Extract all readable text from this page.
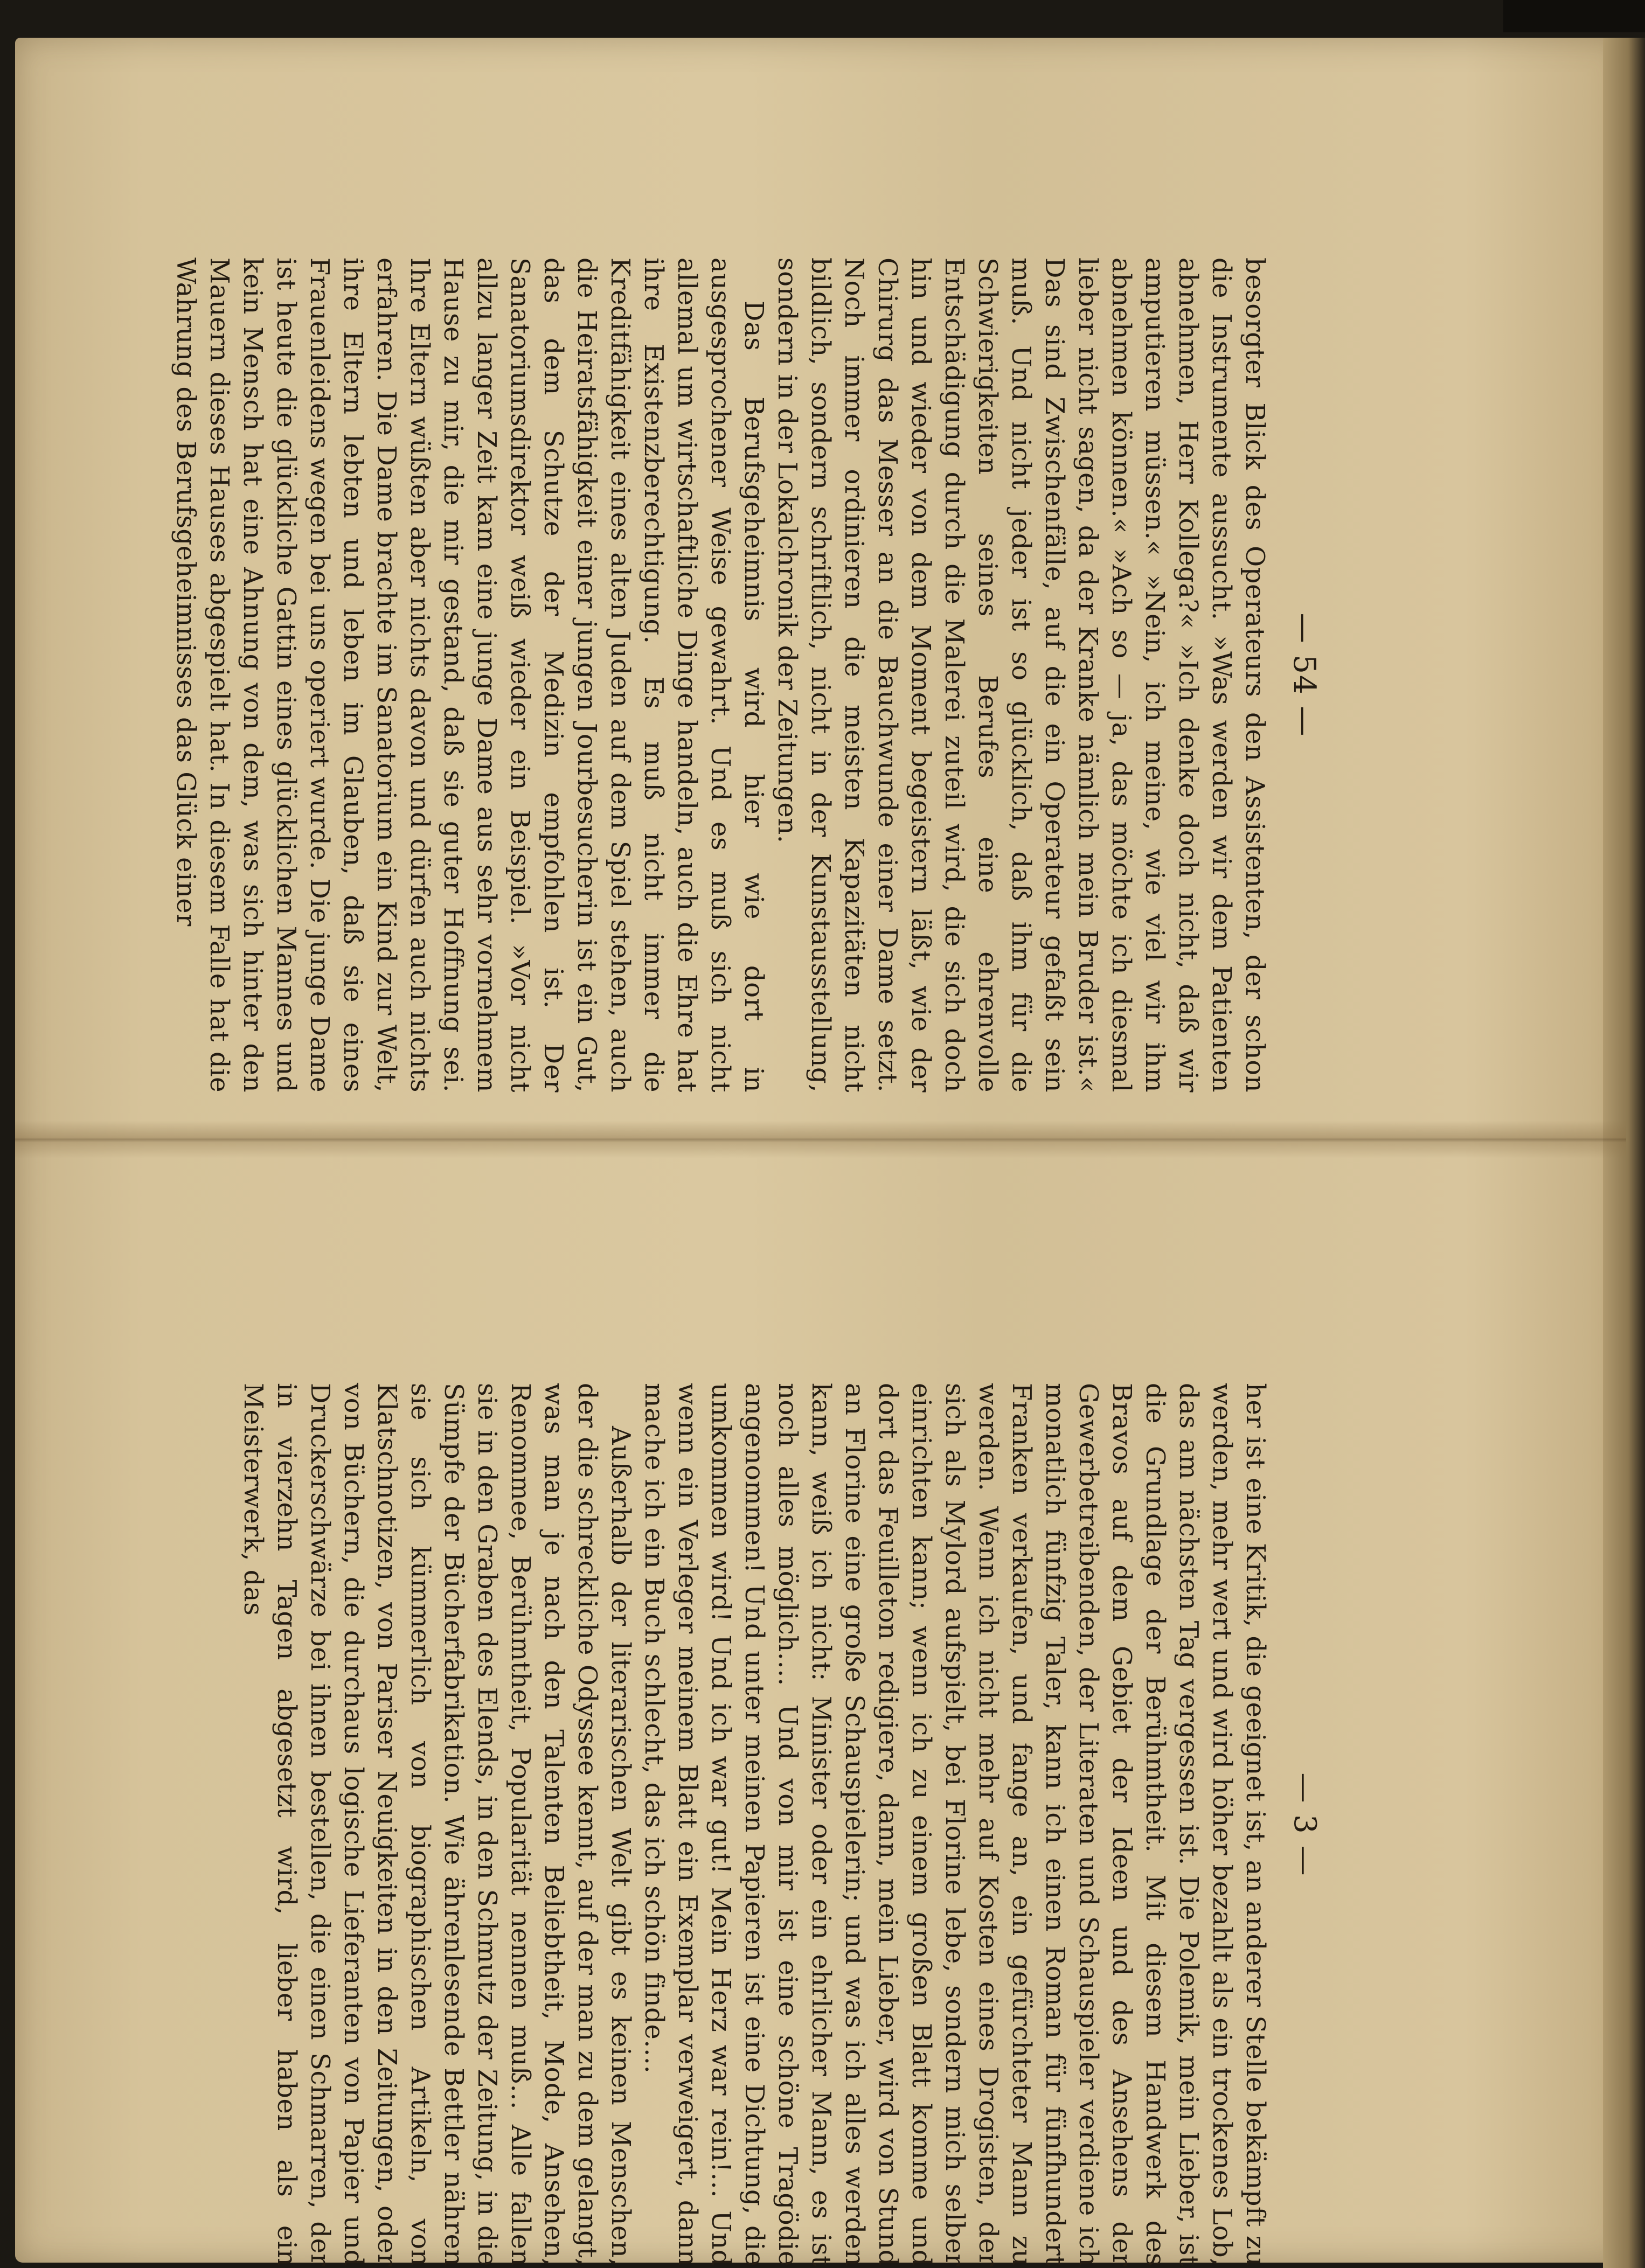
— 54 —

besorgter Blick des Operateurs den Assistenten, der schon die Instrumente aussucht. »Was werden wir dem Patienten abnehmen, Herr Kollega?« »Ich denke doch nicht, daß wir amputieren müssen.« »Nein, ich meine, wie viel wir ihm abnehmen können.« »Ach so — ja, das möchte ich diesmal lieber nicht sagen, da der Kranke nämlich mein Bruder ist.« Das sind Zwischenfälle, auf die ein Operateur gefaßt sein muß. Und nicht jeder ist so glücklich, daß ihm für die Schwierigkeiten seines Berufes eine ehrenvolle Entschädigung durch die Malerei zuteil wird, die sich doch hin und wieder von dem Moment begeistern läßt, wie der Chirurg das Messer an die Bauchwunde einer Dame setzt. Noch immer ordinieren die meisten Kapazitäten nicht bildlich, sondern schriftlich, nicht in der Kunstausstellung, sondern in der Lokalchronik der Zeitungen.

Das Berufsgeheimnis wird hier wie dort in ausgesprochener Weise gewahrt. Und es muß sich nicht allemal um wirtschaftliche Dinge handeln, auch die Ehre hat ihre Existenzberechtigung. Es muß nicht immer die Kreditfähigkeit eines alten Juden auf dem Spiel stehen, auch die Heiratsfähigkeit einer jungen Jourbesucherin ist ein Gut, das dem Schutze der Medizin empfohlen ist. Der Sanatoriumsdirektor weiß wieder ein Beispiel. »Vor nicht allzu langer Zeit kam eine junge Dame aus sehr vornehmem Hause zu mir, die mir gestand, daß sie guter Hoffnung sei. Ihre Eltern wüßten aber nichts davon und dürfen auch nichts erfahren. Die Dame brachte im Sanatorium ein Kind zur Welt, ihre Eltern lebten und leben im Glauben, daß sie eines Frauenleidens wegen bei uns operiert wurde. Die junge Dame ist heute die glückliche Gattin eines glücklichen Mannes und kein Mensch hat eine Ahnung von dem, was sich hinter den Mauern dieses Hauses abgespielt hat. In diesem Falle hat die Wahrung des Berufsgeheimnisses das Glück einer

— 3 —

her ist eine Kritik, die geeignet ist, an anderer Stelle bekämpft zu werden, mehr wert und wird höher bezahlt als ein trockenes Lob, das am nächsten Tag vergessen ist. Die Polemik, mein Lieber, ist die Grundlage der Berühmtheit. Mit diesem Handwerk des Bravos auf dem Gebiet der Ideen und des Ansehens der Gewerbetreibenden, der Literaten und Schauspieler verdiene ich monatlich fünfzig Taler, kann ich einen Roman für fünfhundert Franken verkaufen, und fange an, ein gefürchteter Mann zu werden. Wenn ich nicht mehr auf Kosten eines Drogisten, der sich als Mylord aufspielt, bei Florine lebe, sondern mich selber einrichten kann; wenn ich zu einem großen Blatt komme und dort das Feuilleton redigiere, dann, mein Lieber, wird von Stund an Florine eine große Schauspielerin; und was ich alles werden kann, weiß ich nicht: Minister oder ein ehrlicher Mann, es ist noch alles möglich.... Und von mir ist eine schöne Tragödie angenommen! Und unter meinen Papieren ist eine Dichtung, die umkommen wird! Und ich war gut! Mein Herz war rein!... Und wenn ein Verleger meinem Blatt ein Exemplar verweigert, dann mache ich ein Buch schlecht, das ich schön finde....

Außerhalb der literarischen Welt gibt es keinen Menschen, der die schreckliche Odyssee kennt, auf der man zu dem gelangt, was man je nach den Talenten Beliebtheit, Mode, Ansehen, Renommee, Berühmtheit, Popularität nennen muß... Alle fallen sie in den Graben des Elends, in den Schmutz der Zeitung, in die Sümpfe der Bücherfabrikation. Wie ährenlesende Bettler nähren sie sich kümmerlich von biographischen Artikeln, von Klatschnotizen, von Pariser Neuigkeiten in den Zeitungen, oder von Büchern, die durchaus logische Lieferanten von Papier und Druckerschwärze bei ihnen bestellen, die einen Schmarren, der in vierzehn Tagen abgesetzt wird, lieber haben als ein Meisterwerk, das
